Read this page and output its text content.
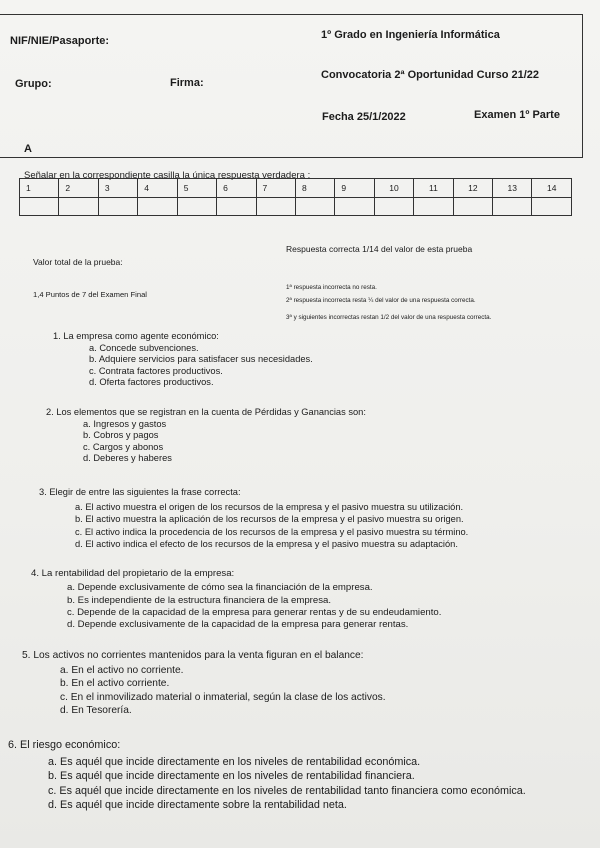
NIF/NIE/Pasaporte:	1º Grado en Ingeniería Informática
Grupo:	Firma:
Convocatoria 2ª Oportunidad Curso 21/22
Fecha 25/1/2022	Examen 1º Parte
A
Señalar en la correspondiente casilla la única respuesta verdadera :
1	2	3	4	5	6	7	8	9	10	11	12	13	14

Valor total de la prueba:
Respuesta correcta 1/14 del valor de esta prueba
1,4 Puntos de 7 del Examen Final
1ª respuesta incorrecta no resta.
2ª respuesta incorrecta resta ¼ del valor de una respuesta correcta.
3ª y siguientes incorrectas restan 1/2 del valor de una respuesta correcta.
1. La empresa como agente económico:
a. Concede subvenciones.
b. Adquiere servicios para satisfacer sus necesidades.
c. Contrata factores productivos.
d. Oferta factores productivos.
2. Los elementos que se registran en la cuenta de Pérdidas y Ganancias son:
a. Ingresos y gastos
b. Cobros y pagos
c. Cargos y abonos
d. Deberes y haberes
3. Elegir de entre las siguientes la frase correcta:
a. El activo muestra el origen de los recursos de la empresa y el pasivo muestra su utilización.
b. El activo muestra la aplicación de los recursos de la empresa y el pasivo muestra su origen.
c. El activo indica la procedencia de los recursos de la empresa y el pasivo muestra su término.
d. El activo indica el efecto de los recursos de la empresa y el pasivo muestra su adaptación.
4. La rentabilidad del propietario de la empresa:
a. Depende exclusivamente de cómo sea la financiación de la empresa.
b. Es independiente de la estructura financiera de la empresa.
c. Depende de la capacidad de la empresa para generar rentas y de su endeudamiento.
d. Depende exclusivamente de la capacidad de la empresa para generar rentas.
5. Los activos no corrientes mantenidos para la venta figuran en el balance:
a. En el activo no corriente.
b. En el activo corriente.
c. En el inmovilizado material o inmaterial, según la clase de los activos.
d. En Tesorería.
6. El riesgo económico:
a. Es aquél que incide directamente en los niveles de rentabilidad económica.
b. Es aquél que incide directamente en los niveles de rentabilidad financiera.
c. Es aquél que incide directamente en los niveles de rentabilidad tanto financiera como económica.
d. Es aquél que incide directamente sobre la rentabilidad neta.
